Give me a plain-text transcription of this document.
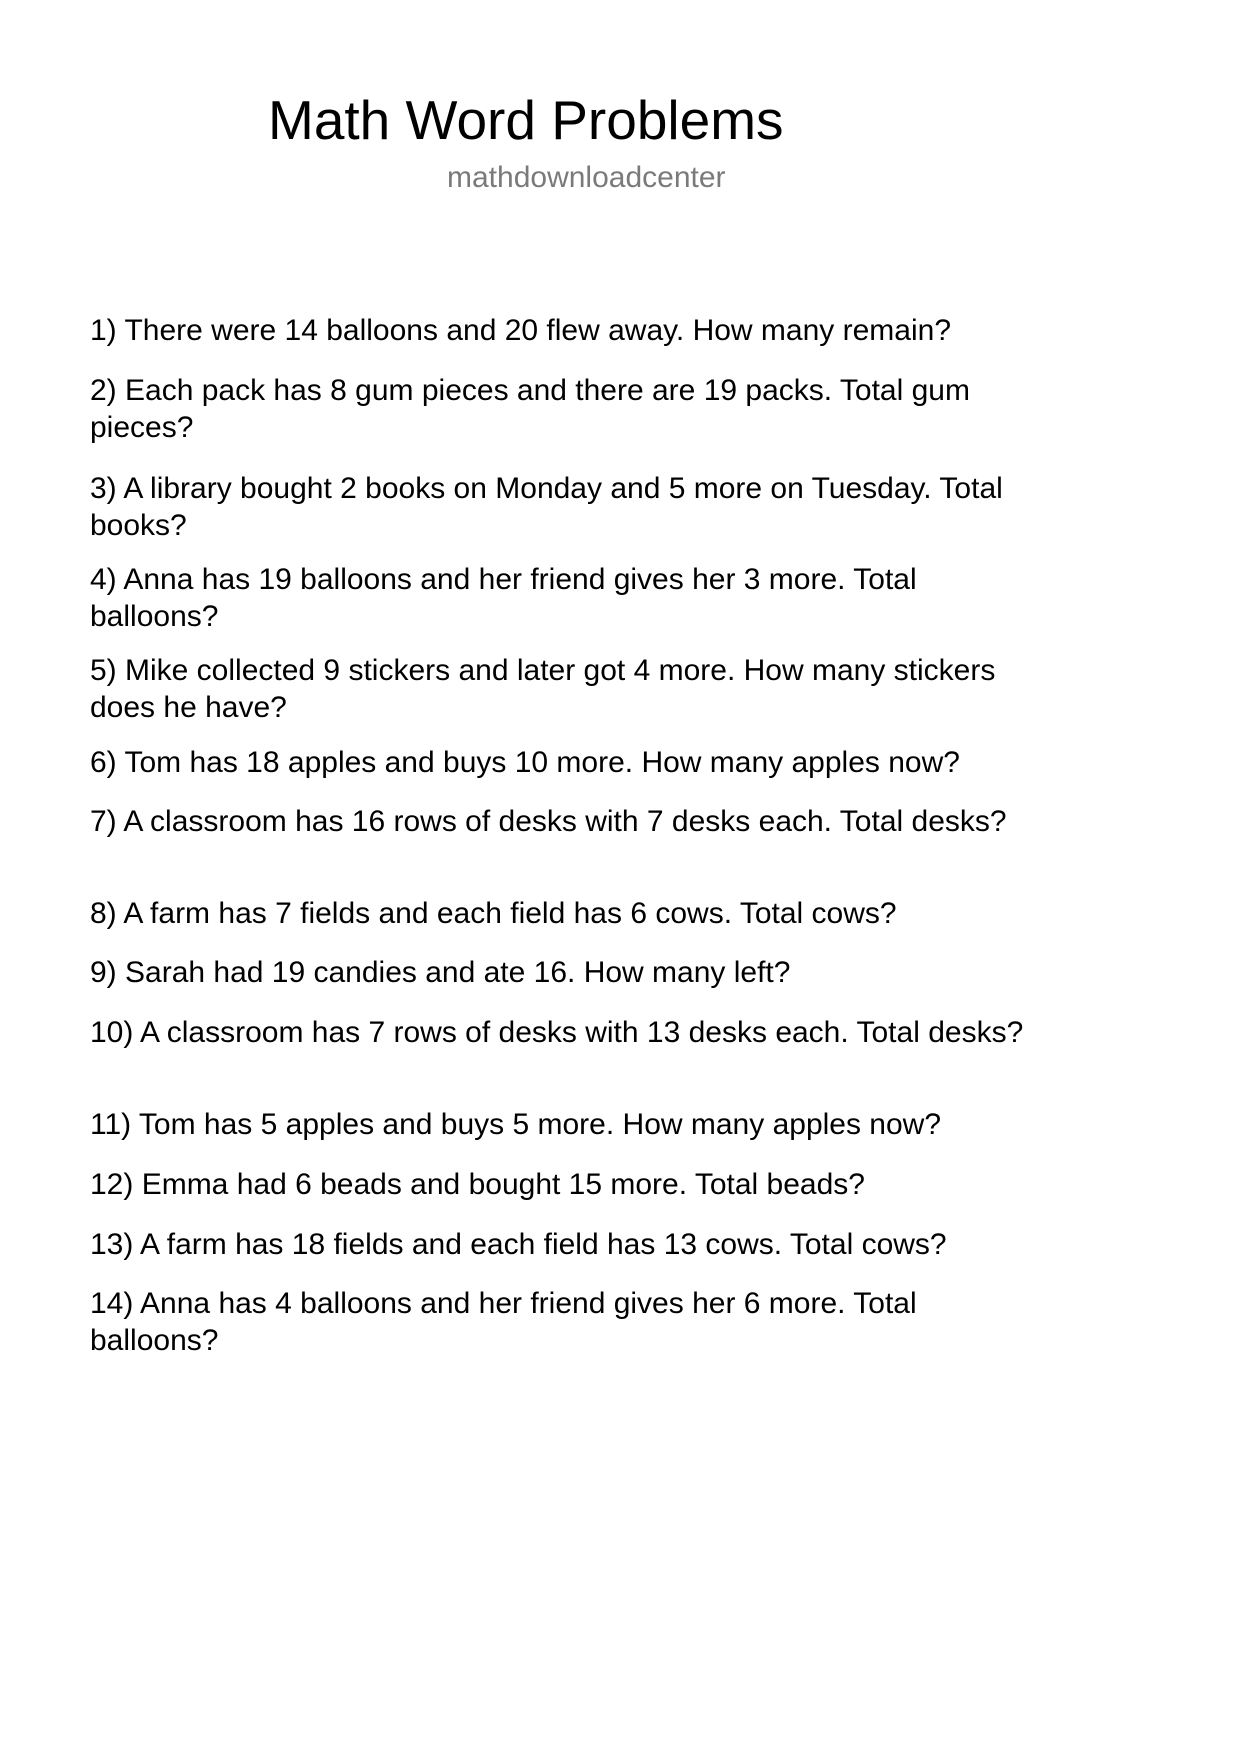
Math Word Problems
mathdownloadcenter
1) There were 14 balloons and 20 flew away. How many remain?
2) Each pack has 8 gum pieces and there are 19 packs. Total gum pieces?
3) A library bought 2 books on Monday and 5 more on Tuesday. Total books?
4) Anna has 19 balloons and her friend gives her 3 more. Total balloons?
5) Mike collected 9 stickers and later got 4 more. How many stickers does he have?
6) Tom has 18 apples and buys 10 more. How many apples now?
7) A classroom has 16 rows of desks with 7 desks each. Total desks?
8) A farm has 7 fields and each field has 6 cows. Total cows?
9) Sarah had 19 candies and ate 16. How many left?
10) A classroom has 7 rows of desks with 13 desks each. Total desks?
11) Tom has 5 apples and buys 5 more. How many apples now?
12) Emma had 6 beads and bought 15 more. Total beads?
13) A farm has 18 fields and each field has 13 cows. Total cows?
14) Anna has 4 balloons and her friend gives her 6 more. Total balloons?
